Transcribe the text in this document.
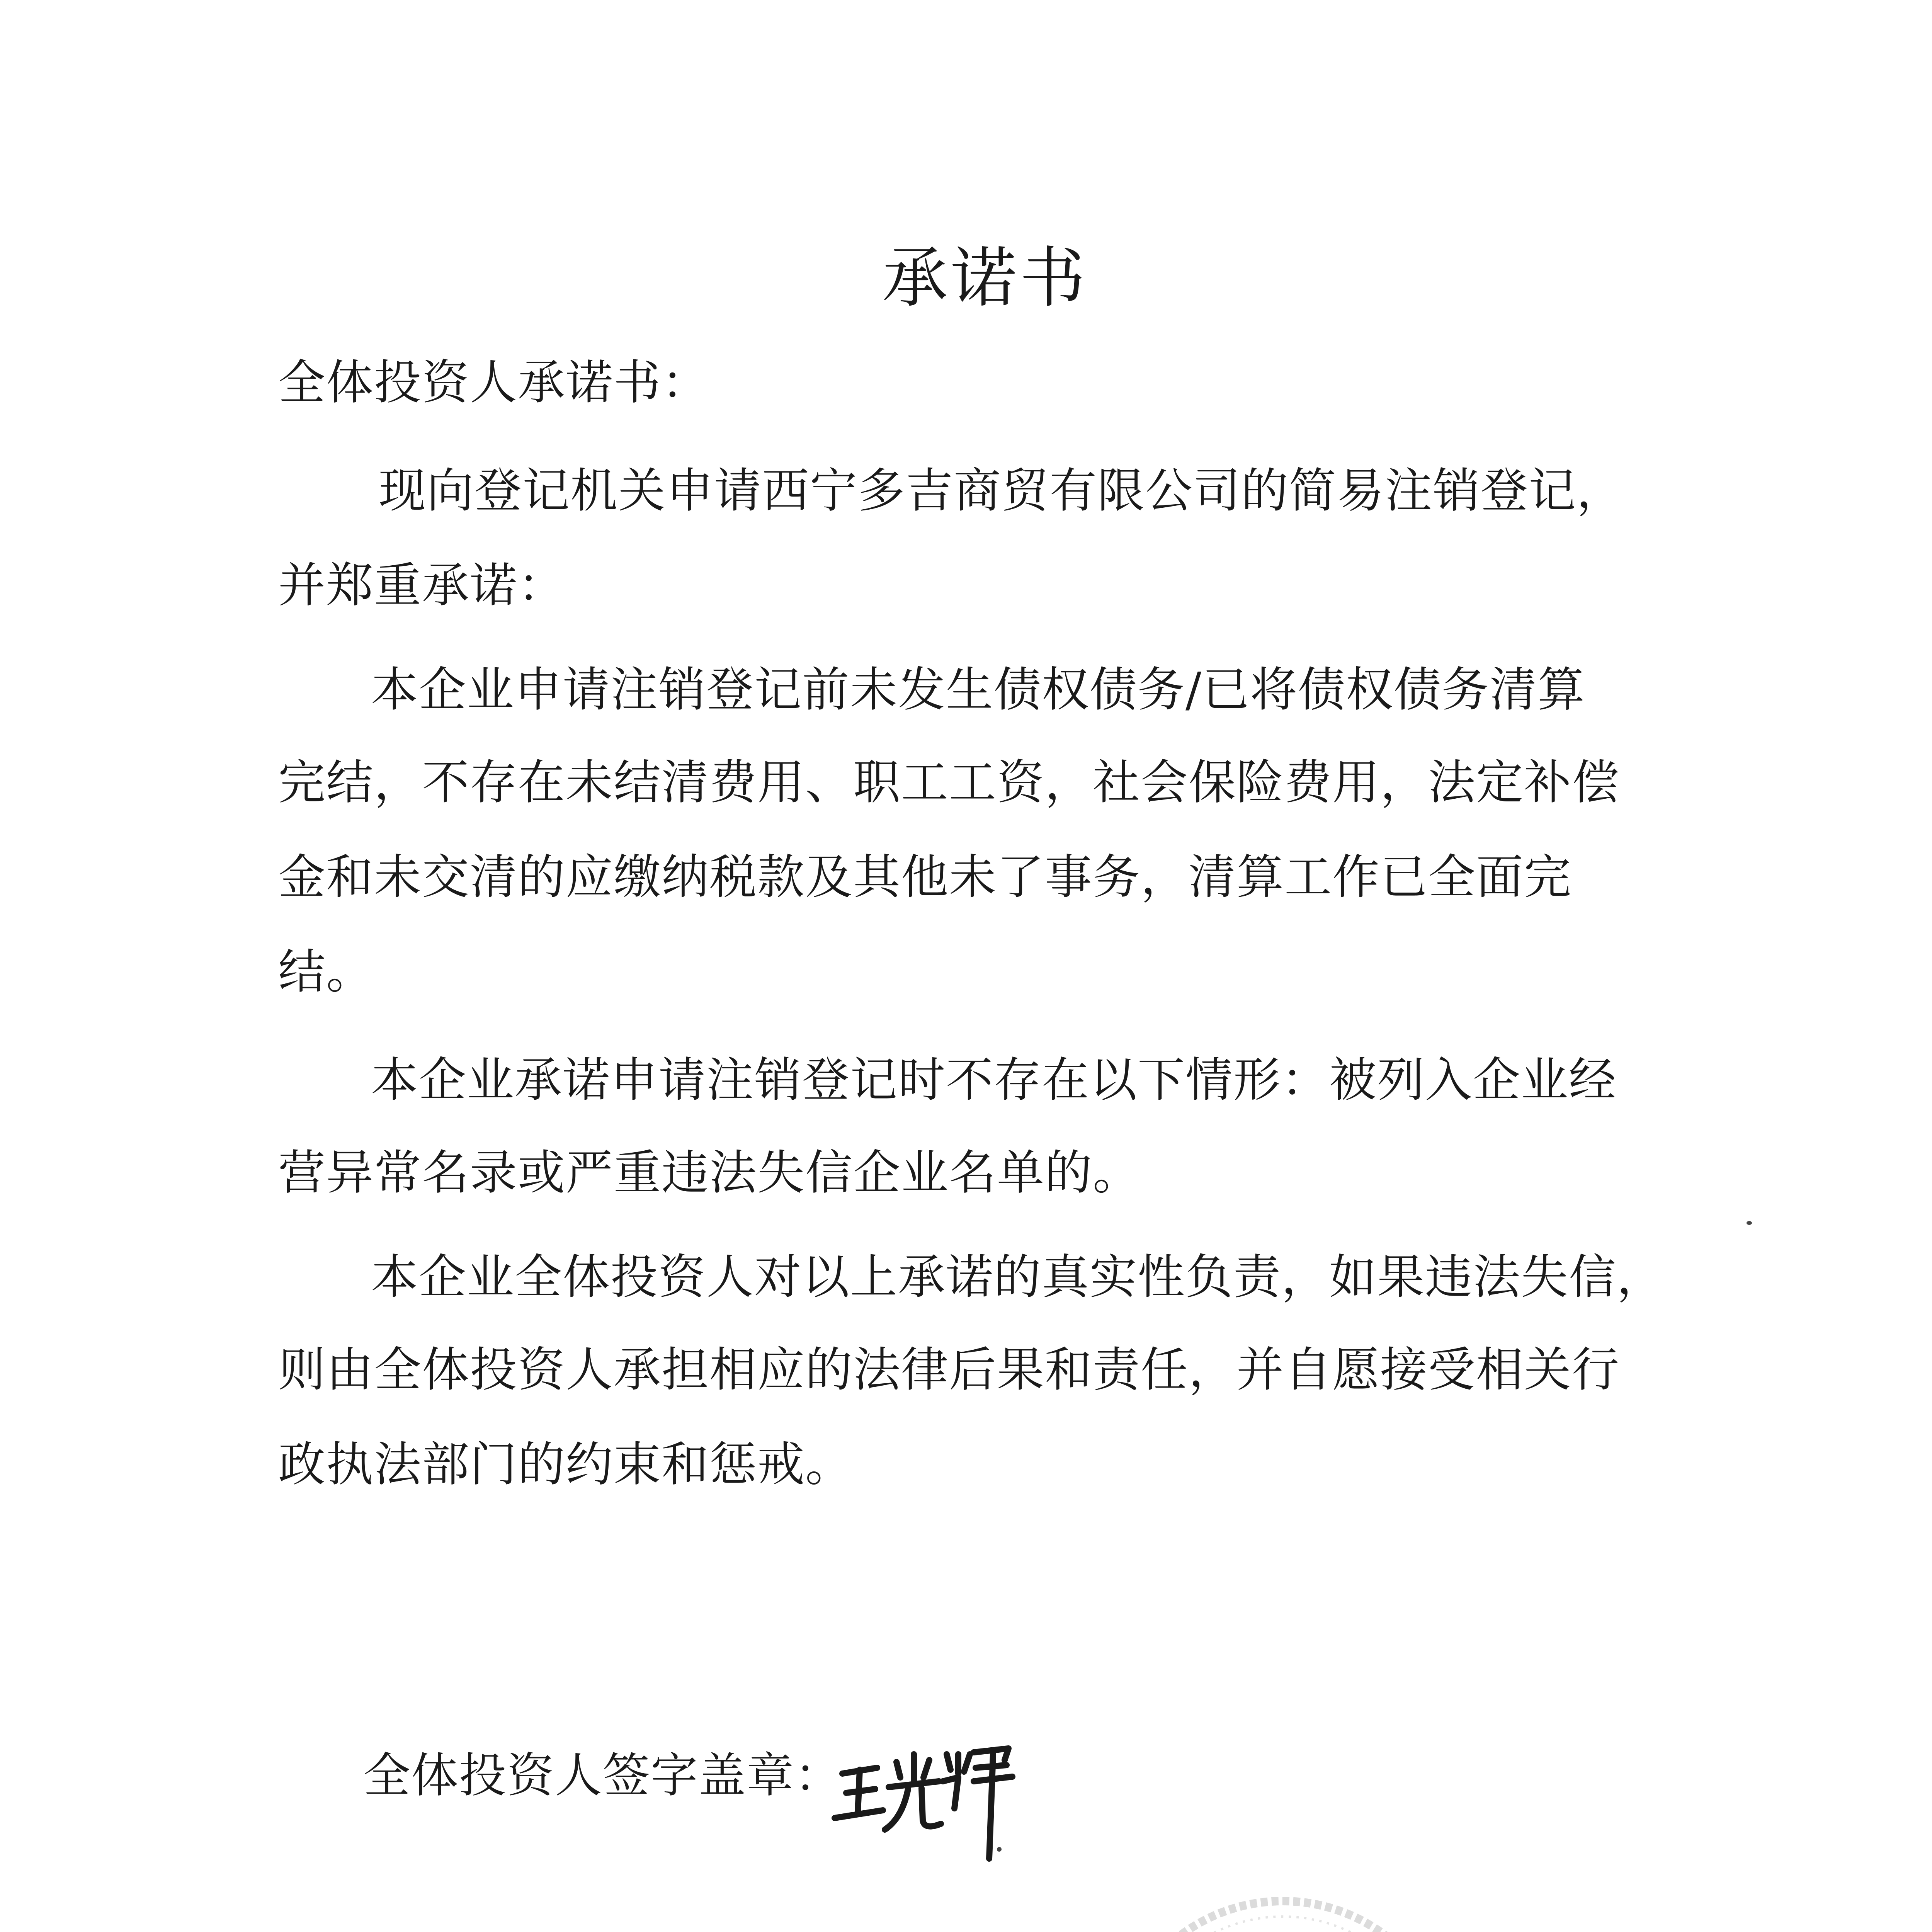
承诺书
全体投资人承诺书：
现向登记机关申请西宁多吉商贸有限公司的简易注销登记，
并郑重承诺：
本企业申请注销登记前未发生债权债务/已将债权债务清算
完结，不存在未结清费用、职工工资，社会保险费用，法定补偿
金和未交清的应缴纳税款及其他未了事务，清算工作已全面完
结。
本企业承诺申请注销登记时不存在以下情形：被列入企业经
营异常名录或严重违法失信企业名单的。
本企业全体投资人对以上承诺的真实性负责，如果违法失信，
则由全体投资人承担相应的法律后果和责任，并自愿接受相关行
政执法部门的约束和惩戒。
全体投资人签字盖章：
